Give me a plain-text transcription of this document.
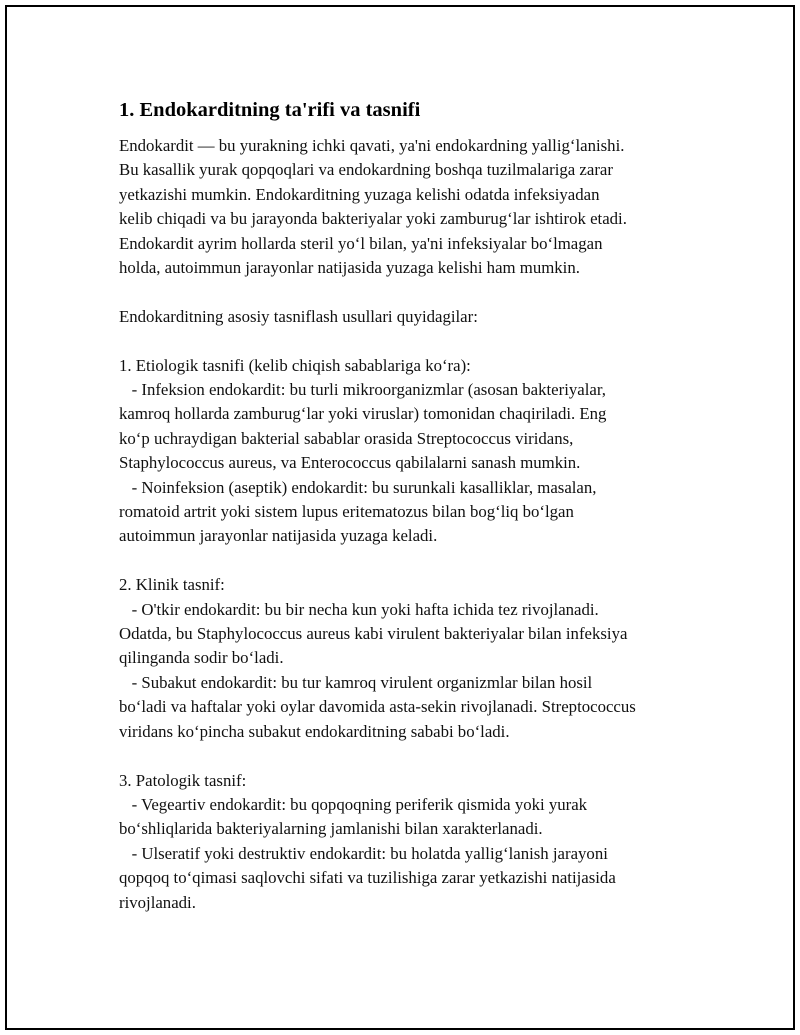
1. Endokarditning ta'rifi va tasnifi

Endokardit — bu yurakning ichki qavati, ya'ni endokardning yallig‘lanishi.
Bu kasallik yurak qopqoqlari va endokardning boshqa tuzilmalariga zarar
yetkazishi mumkin. Endokarditning yuzaga kelishi odatda infeksiyadan
kelib chiqadi va bu jarayonda bakteriyalar yoki zamburug‘lar ishtirok etadi.
Endokardit ayrim hollarda steril yo‘l bilan, ya'ni infeksiyalar bo‘lmagan
holda, autoimmun jarayonlar natijasida yuzaga kelishi ham mumkin.

Endokarditning asosiy tasniflash usullari quyidagilar:

1. Etiologik tasnifi (kelib chiqish sabablariga ko‘ra):
- Infeksion endokardit: bu turli mikroorganizmlar (asosan bakteriyalar,
kamroq hollarda zamburug‘lar yoki viruslar) tomonidan chaqiriladi. Eng
ko‘p uchraydigan bakterial sabablar orasida Streptococcus viridans,
Staphylococcus aureus, va Enterococcus qabilalarni sanash mumkin.
- Noinfeksion (aseptik) endokardit: bu surunkali kasalliklar, masalan,
romatoid artrit yoki sistem lupus eritematozus bilan bog‘liq bo‘lgan
autoimmun jarayonlar natijasida yuzaga keladi.

2. Klinik tasnif:
- O'tkir endokardit: bu bir necha kun yoki hafta ichida tez rivojlanadi.
Odatda, bu Staphylococcus aureus kabi virulent bakteriyalar bilan infeksiya
qilinganda sodir bo‘ladi.
- Subakut endokardit: bu tur kamroq virulent organizmlar bilan hosil
bo‘ladi va haftalar yoki oylar davomida asta-sekin rivojlanadi. Streptococcus
viridans ko‘pincha subakut endokarditning sababi bo‘ladi.

3. Patologik tasnif:
- Vegeartiv endokardit: bu qopqoqning periferik qismida yoki yurak
bo‘shliqlarida bakteriyalarning jamlanishi bilan xarakterlanadi.
- Ulseratif yoki destruktiv endokardit: bu holatda yallig‘lanish jarayoni
qopqoq to‘qimasi saqlovchi sifati va tuzilishiga zarar yetkazishi natijasida
rivojlanadi.
